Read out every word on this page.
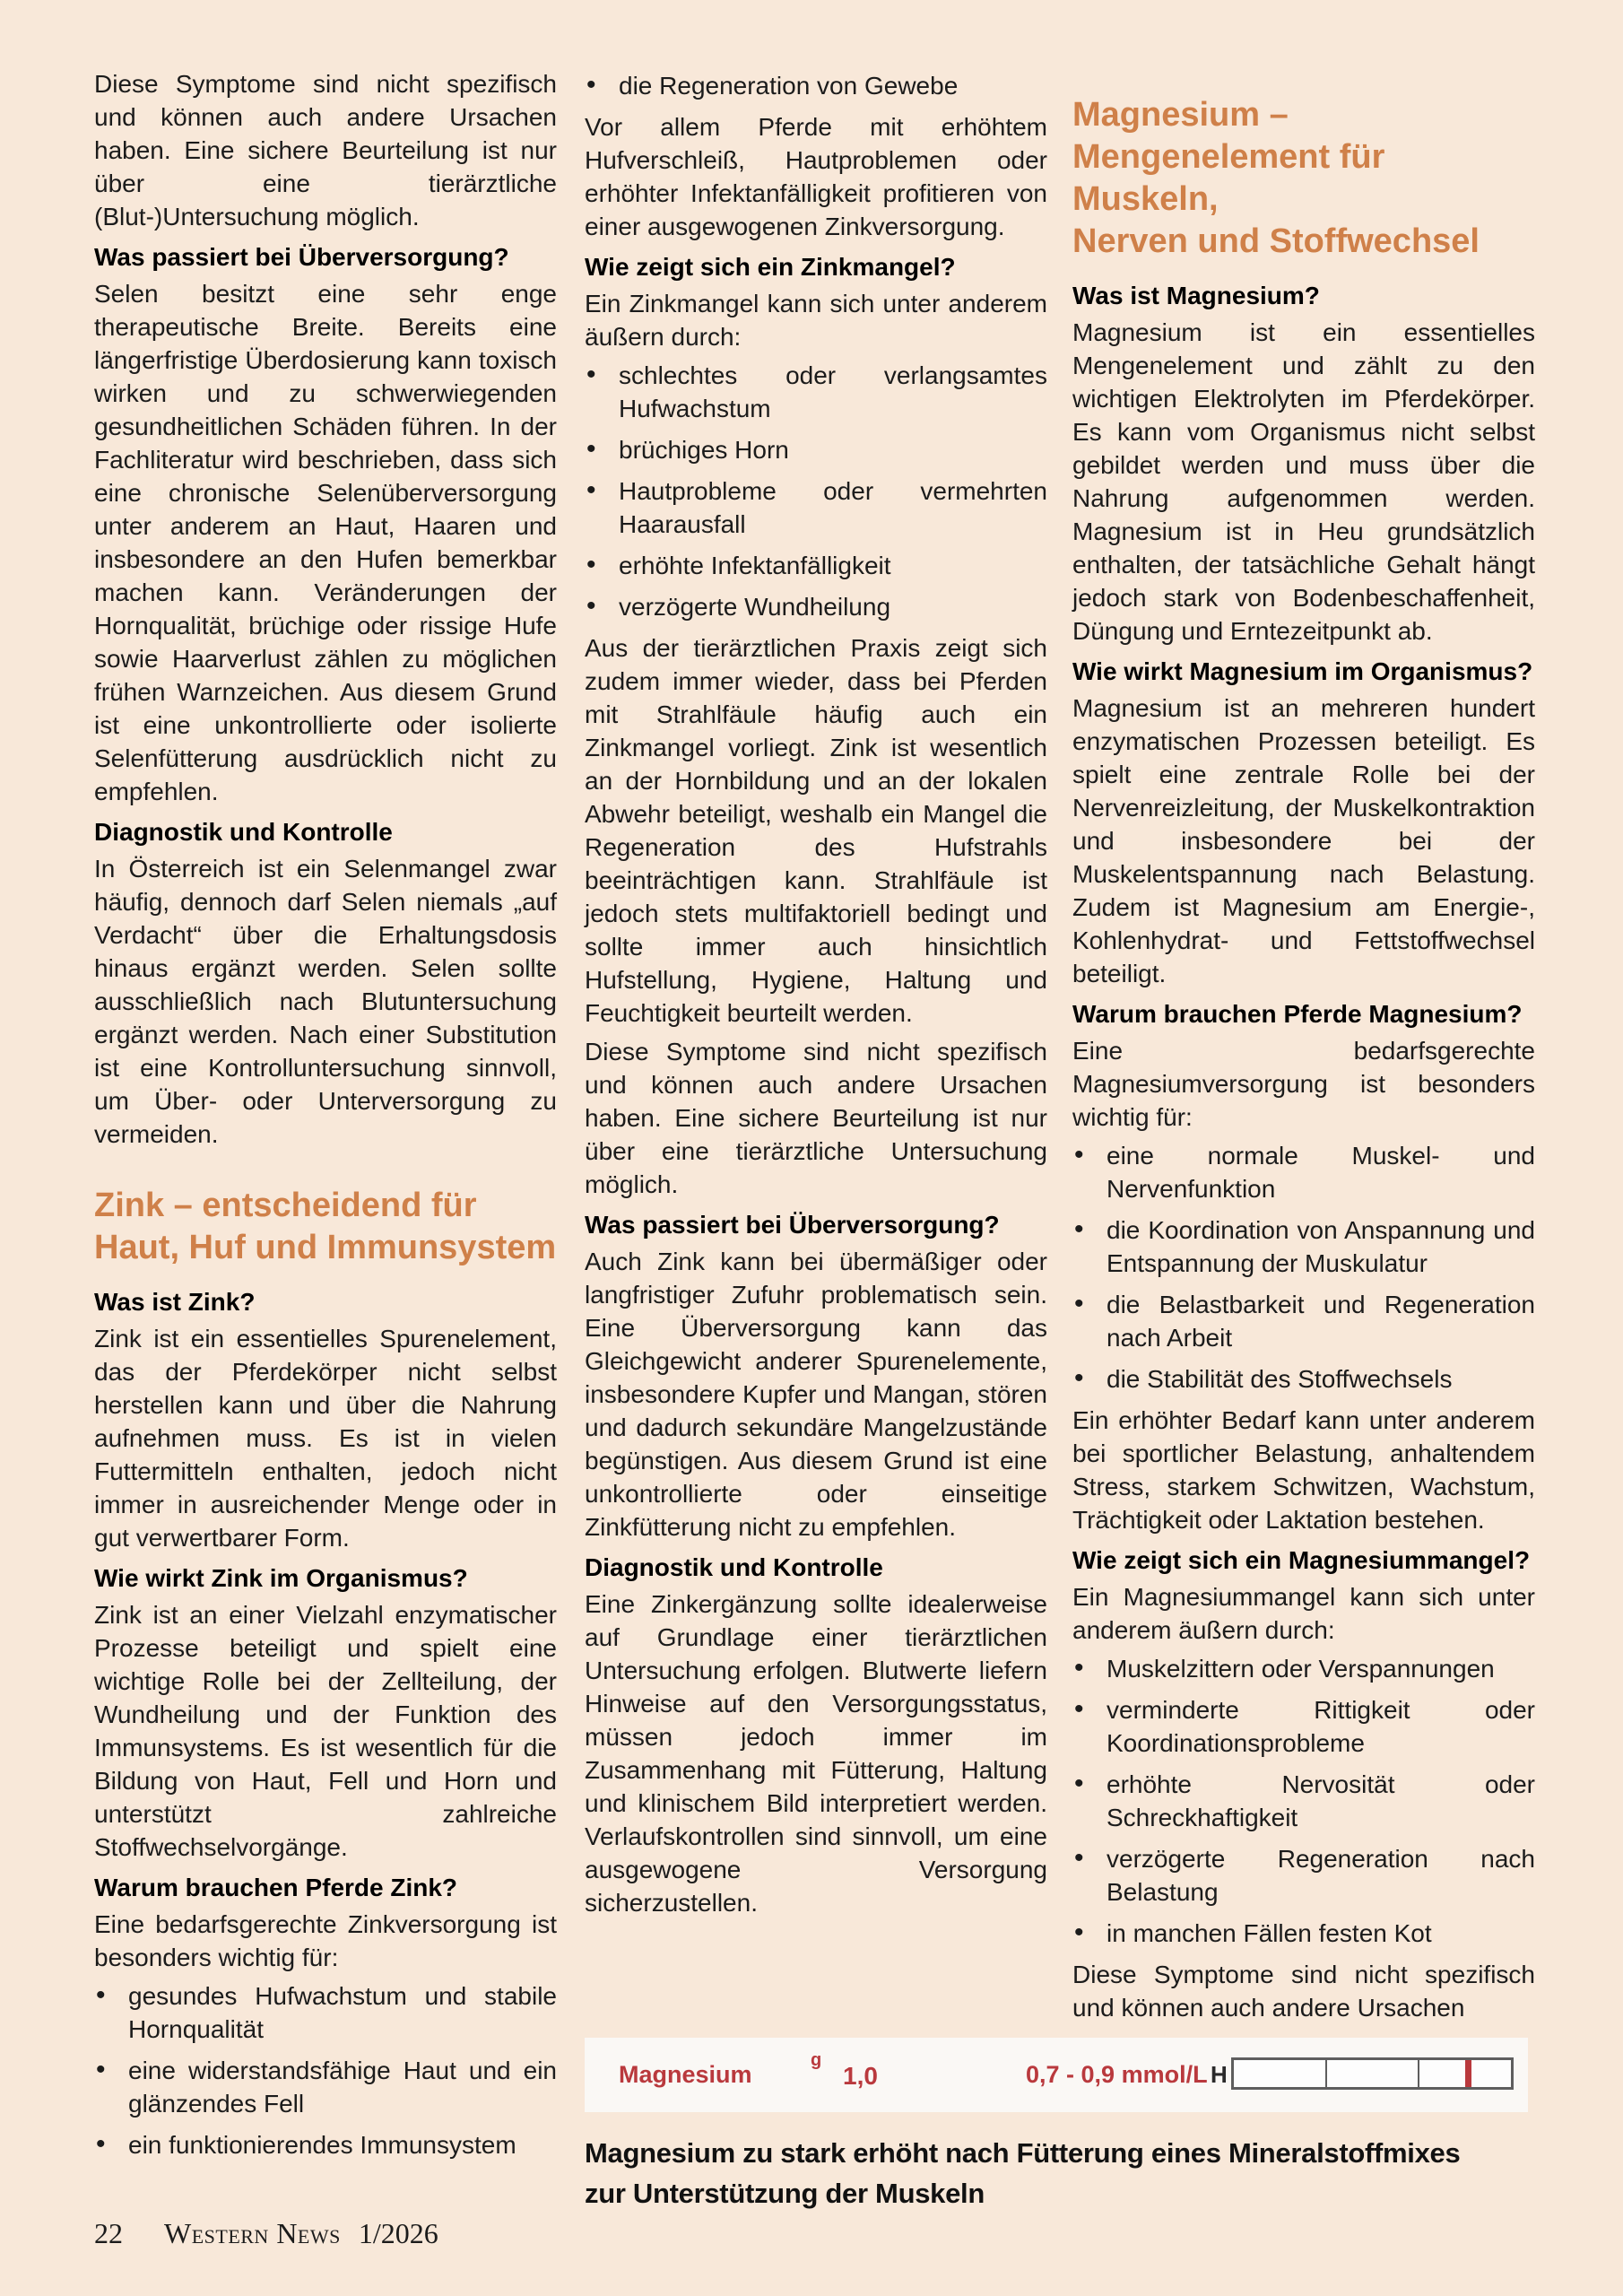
Diese Symptome sind nicht spezifisch und können auch andere Ursachen haben. Eine sichere Beurteilung ist nur über eine tierärztliche (Blut-)Untersuchung möglich.

Was passiert bei Überversorgung?

Selen besitzt eine sehr enge therapeutische Breite. Bereits eine längerfristige Überdosierung kann toxisch wirken und zu schwerwiegenden gesundheitlichen Schäden führen. In der Fachliteratur wird beschrieben, dass sich eine chronische Selenüberversorgung unter anderem an Haut, Haaren und insbesondere an den Hufen bemerkbar machen kann. Veränderungen der Hornqualität, brüchige oder rissige Hufe sowie Haarverlust zählen zu möglichen frühen Warnzeichen. Aus diesem Grund ist eine unkontrollierte oder isolierte Selenfütterung ausdrücklich nicht zu empfehlen.

Diagnostik und Kontrolle

In Österreich ist ein Selenmangel zwar häufig, dennoch darf Selen niemals „auf Verdacht“ über die Erhaltungsdosis hinaus ergänzt werden. Selen sollte ausschließlich nach Blutuntersuchung ergänzt werden. Nach einer Substitution ist eine Kontrolluntersuchung sinnvoll, um Über- oder Unterversorgung zu vermeiden.

Zink – entscheidend für
Haut, Huf und Immunsystem
Was ist Zink?

Zink ist ein essentielles Spurenelement, das der Pferdekörper nicht selbst herstellen kann und über die Nahrung aufnehmen muss. Es ist in vielen Futtermitteln enthalten, jedoch nicht immer in ausreichender Menge oder in gut verwertbarer Form.

Wie wirkt Zink im Organismus?

Zink ist an einer Vielzahl enzymatischer Prozesse beteiligt und spielt eine wichtige Rolle bei der Zellteilung, der Wundheilung und der Funktion des Immunsystems. Es ist wesentlich für die Bildung von Haut, Fell und Horn und unterstützt zahlreiche Stoffwechselvorgänge.

Warum brauchen Pferde Zink?

Eine bedarfsgerechte Zinkversorgung ist besonders wichtig für:

• gesundes Hufwachstum und stabile Hornqualität
• eine widerstandsfähige Haut und ein glänzendes Fell
• ein funktionierendes Immunsystem
• die Regeneration von Gewebe

Vor allem Pferde mit erhöhtem Hufverschleiß, Hautproblemen oder erhöhter Infektanfälligkeit profitieren von einer ausgewogenen Zinkversorgung.

Wie zeigt sich ein Zinkmangel?

Ein Zinkmangel kann sich unter anderem äußern durch:

• schlechtes oder verlangsamtes Hufwachstum
• brüchiges Horn
• Hautprobleme oder vermehrten Haarausfall
• erhöhte Infektanfälligkeit
• verzögerte Wundheilung

Aus der tierärztlichen Praxis zeigt sich zudem immer wieder, dass bei Pferden mit Strahlfäule häufig auch ein Zinkmangel vorliegt. Zink ist wesentlich an der Hornbildung und an der lokalen Abwehr beteiligt, weshalb ein Mangel die Regeneration des Hufstrahls beeinträchtigen kann. Strahlfäule ist jedoch stets multifaktoriell bedingt und sollte immer auch hinsichtlich Hufstellung, Hygiene, Haltung und Feuchtigkeit beurteilt werden.

Diese Symptome sind nicht spezifisch und können auch andere Ursachen haben. Eine sichere Beurteilung ist nur über eine tierärztliche Untersuchung möglich.

Was passiert bei Überversorgung?

Auch Zink kann bei übermäßiger oder langfristiger Zufuhr problematisch sein. Eine Überversorgung kann das Gleichgewicht anderer Spurenelemente, insbesondere Kupfer und Mangan, stören und dadurch sekundäre Mangelzustände begünstigen. Aus diesem Grund ist eine unkontrollierte oder einseitige Zinkfütterung nicht zu empfehlen.

Diagnostik und Kontrolle

Eine Zinkergänzung sollte idealerweise auf Grundlage einer tierärztlichen Untersuchung erfolgen. Blutwerte liefern Hinweise auf den Versorgungsstatus, müssen jedoch immer im Zusammenhang mit Fütterung, Haltung und klinischem Bild interpretiert werden. Verlaufskontrollen sind sinnvoll, um eine ausgewogene Versorgung sicherzustellen.

Magnesium –
Mengenelement für Muskeln,
Nerven und Stoffwechsel
Was ist Magnesium?

Magnesium ist ein essentielles Mengenelement und zählt zu den wichtigen Elektrolyten im Pferdekörper. Es kann vom Organismus nicht selbst gebildet werden und muss über die Nahrung aufgenommen werden. Magnesium ist in Heu grundsätzlich enthalten, der tatsächliche Gehalt hängt jedoch stark von Bodenbeschaffenheit, Düngung und Erntezeitpunkt ab.

Wie wirkt Magnesium im Organismus?

Magnesium ist an mehreren hundert enzymatischen Prozessen beteiligt. Es spielt eine zentrale Rolle bei der Nervenreizleitung, der Muskelkontraktion und insbesondere bei der Muskelentspannung nach Belastung. Zudem ist Magnesium am Energie-, Kohlenhydrat- und Fettstoffwechsel beteiligt.

Warum brauchen Pferde Magnesium?

Eine bedarfsgerechte Magnesiumversorgung ist besonders wichtig für:

• eine normale Muskel- und Nervenfunktion
• die Koordination von Anspannung und Entspannung der Muskulatur
• die Belastbarkeit und Regeneration nach Arbeit
• die Stabilität des Stoffwechsels

Ein erhöhter Bedarf kann unter anderem bei sportlicher Belastung, anhaltendem Stress, starkem Schwitzen, Wachstum, Trächtigkeit oder Laktation bestehen.

Wie zeigt sich ein Magnesiummangel?

Ein Magnesiummangel kann sich unter anderem äußern durch:

• Muskelzittern oder Verspannungen
• verminderte Rittigkeit oder Koordinationsprobleme
• erhöhte Nervosität oder Schreckhaftigkeit
• verzögerte Regeneration nach Belastung
• in manchen Fällen festen Kot

Diese Symptome sind nicht spezifisch und können auch andere Ursachen

Magnesium
g
1,0	0,7 - 0,9 mmol/L H
Magnesium zu stark erhöht nach Fütterung eines Mineralstoffmixes zur Unterstützung der Muskeln
22 Western News 1/2026
